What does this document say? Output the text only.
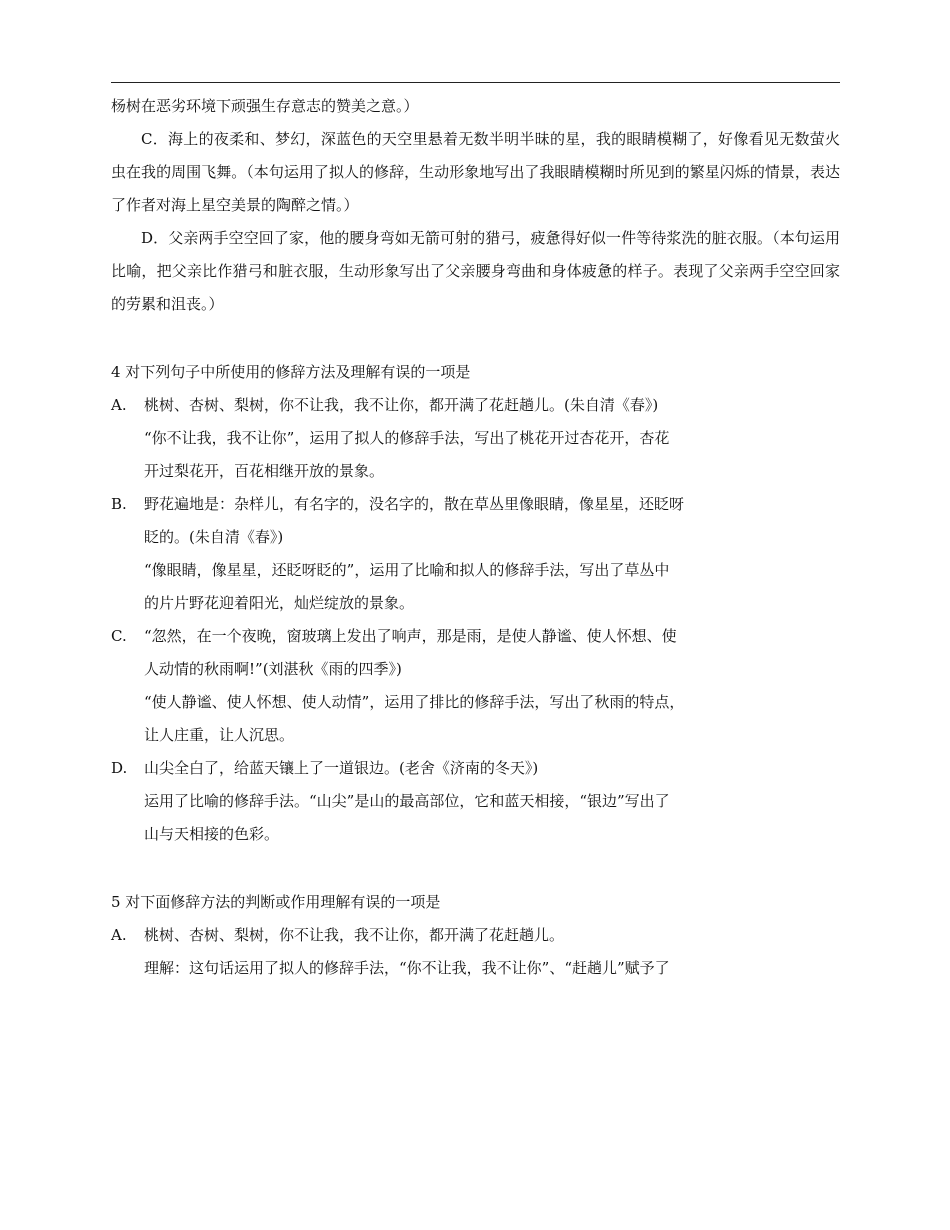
杨树在恶劣环境下顽强生存意志的赞美之意。）

C．海上的夜柔和、梦幻，深蓝色的天空里悬着无数半明半昧的星，我的眼睛模糊了，好像看见无数萤火虫在我的周围飞舞。（本句运用了拟人的修辞，生动形象地写出了我眼睛模糊时所见到的繁星闪烁的情景，表达了作者对海上星空美景的陶醉之情。）

D．父亲两手空空回了家，他的腰身弯如无箭可射的猎弓，疲惫得好似一件等待浆洗的脏衣服。（本句运用比喻，把父亲比作猎弓和脏衣服，生动形象写出了父亲腰身弯曲和身体疲惫的样子。表现了父亲两手空空回家的劳累和沮丧。）

4 对下列句子中所使用的修辞方法及理解有误的一项是

A.	桃树、杏树、梨树，你不让我，我不让你，都开满了花赶趟儿。(朱自清《春》)

“你不让我，我不让你”，运用了拟人的修辞手法，写出了桃花开过杏花开，杏花

开过梨花开，百花相继开放的景象。

B.	野花遍地是：杂样儿，有名字的，没名字的，散在草丛里像眼睛，像星星，还眨呀

眨的。(朱自清《春》)

“像眼睛，像星星，还眨呀眨的”，运用了比喻和拟人的修辞手法，写出了草丛中

的片片野花迎着阳光，灿烂绽放的景象。

C.	“忽然，在一个夜晚，窗玻璃上发出了响声，那是雨，是使人静谧、使人怀想、使

人动情的秋雨啊!”(刘湛秋《雨的四季》)

“使人静谧、使人怀想、使人动情”，运用了排比的修辞手法，写出了秋雨的特点，

让人庄重，让人沉思。

D.	山尖全白了，给蓝天镶上了一道银边。(老舍《济南的冬天》)

运用了比喻的修辞手法。“山尖”是山的最高部位，它和蓝天相接，“银边”写出了

山与天相接的色彩。

5 对下面修辞方法的判断或作用理解有误的一项是

A.	桃树、杏树、梨树，你不让我，我不让你，都开满了花赶趟儿。

理解：这句话运用了拟人的修辞手法，“你不让我，我不让你”、“赶趟儿”赋予了
